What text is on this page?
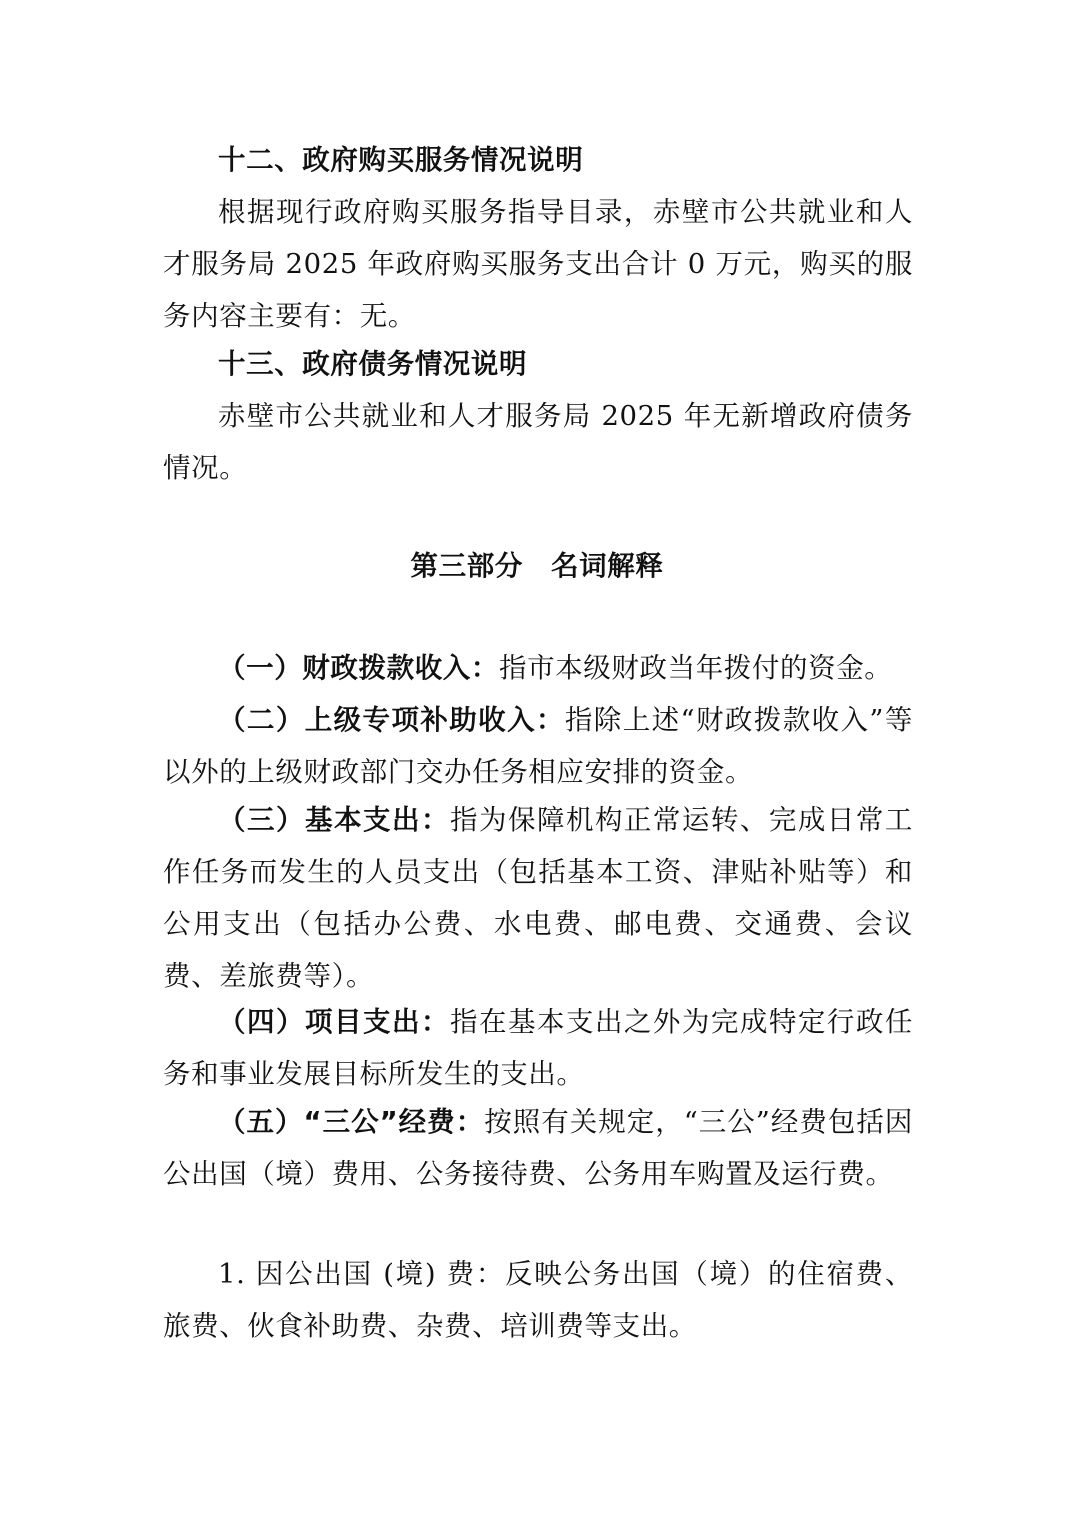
十二、政府购买服务情况说明
根据现行政府购买服务指导目录，赤壁市公共就业和人才服务局 2025 年政府购买服务支出合计 0 万元，购买的服务内容主要有：无。
十三、政府债务情况说明
赤壁市公共就业和人才服务局 2025 年无新增政府债务情况。
第三部分　名词解释
（一）财政拨款收入：指市本级财政当年拨付的资金。
（二）上级专项补助收入：指除上述“财政拨款收入”等以外的上级财政部门交办任务相应安排的资金。
（三）基本支出：指为保障机构正常运转、完成日常工作任务而发生的人员支出（包括基本工资、津贴补贴等）和公用支出（包括办公费、水电费、邮电费、交通费、会议费、差旅费等）。
（四）项目支出：指在基本支出之外为完成特定行政任务和事业发展目标所发生的支出。
（五）“三公”经费：按照有关规定，“三公”经费包括因公出国（境）费用、公务接待费、公务用车购置及运行费。
1. 因公出国 (境) 费：反映公务出国（境）的住宿费、旅费、伙食补助费、杂费、培训费等支出。
